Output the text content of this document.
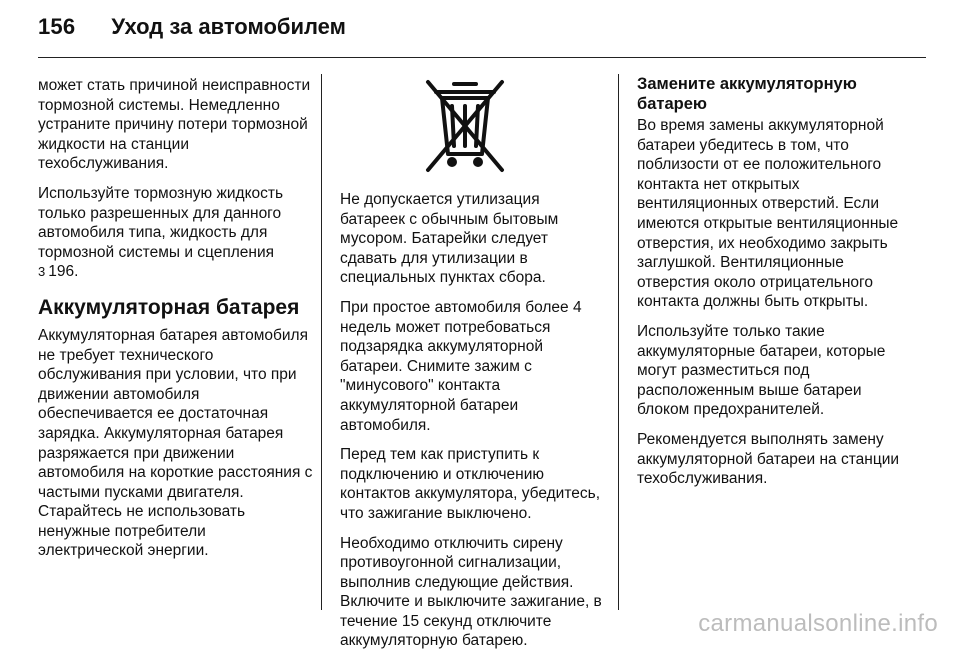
156 Уход за автомобилем

может стать причиной неисправности тормозной системы. Немедленно устраните причину потери тормозной жидкости на станции техобслуживания.

Используйте тормозную жидкость только разрешенных для данного автомобиля типа, жидкость для тормозной системы и сцепления
3 196.

Аккумуляторная батарея

Аккумуляторная батарея автомобиля не требует технического обслуживания при условии, что при движении автомобиля обеспечивается ее достаточная зарядка. Аккумуляторная батарея разряжается при движении автомобиля на короткие расстояния с частыми пусками двигателя. Старайтесь не использовать ненужные потребители электрической энергии.

Не допускается утилизация батареек с обычным бытовым мусором. Батарейки следует сдавать для утилизации в специальных пунктах сбора.

При простое автомобиля более 4 недель может потребоваться подзарядка аккумуляторной батареи. Снимите зажим с "минусового" контакта аккумуляторной батареи автомобиля.

Перед тем как приступить к подключению и отключению контактов аккумулятора, убедитесь, что зажигание выключено.

Необходимо отключить сирену противоугонной сигнализации, выполнив следующие действия. Включите и выключите зажигание, в течение 15 секунд отключите аккумуляторную батарею.

Замените аккумуляторную батарею

Во время замены аккумуляторной батареи убедитесь в том, что поблизости от ее положительного контакта нет открытых вентиляционных отверстий. Если имеются открытые вентиляционные отверстия, их необходимо закрыть заглушкой. Вентиляционные отверстия около отрицательного контакта должны быть открыты.

Используйте только такие аккумуляторные батареи, которые могут разместиться под расположенным выше батареи блоком предохранителей.

Рекомендуется выполнять замену аккумуляторной батареи на станции техобслуживания.

carmanualsonline.info
